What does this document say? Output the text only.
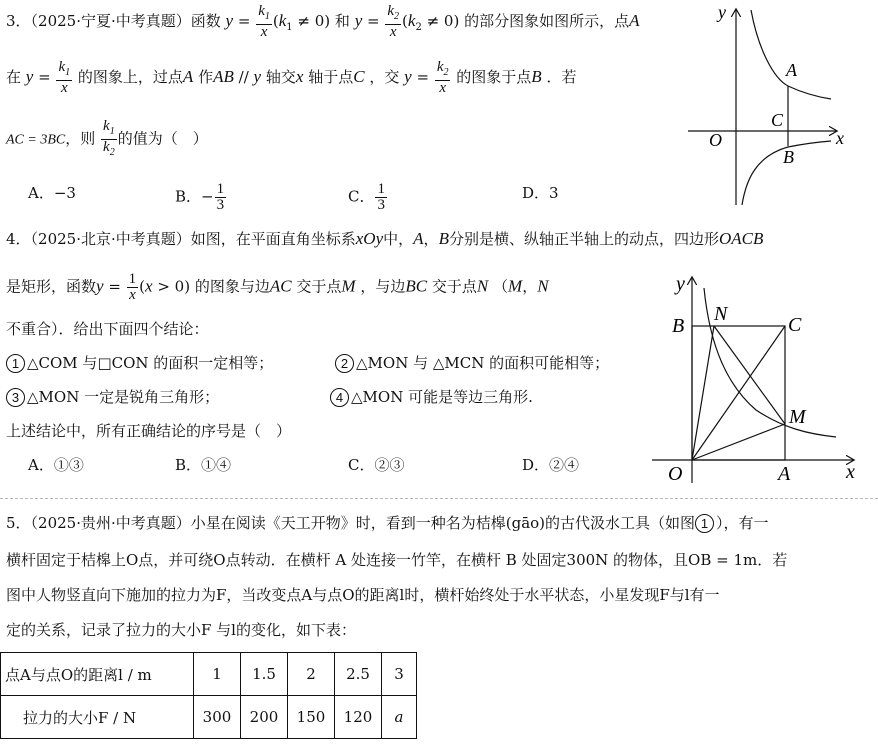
3．（2025·宁夏·中考真题）函数 $y = \frac{k_1}{x} (k_1 \ne 0)$ 和 $y = \frac{k_2}{x} (k_2 \ne 0)$ 的部分图象如图所示，点A
在 $y = \frac{k_1}{x}$ 的图象上，过点A 作AB // y 轴交x 轴于点C ，交 $y = \frac{k_2}{x}$ 的图象于点B ．若
AC = 3BC，则 $\frac{k_1}{k_2}$ 的值为（　）
A．−3	B．− $\frac{1}{3}$	C． $\frac{1}{3}$	D．3
y
x
O
A
C
B
4．（2025·北京·中考真题）如图，在平面直角坐标系xOy中，A，B分别是横、纵轴正半轴上的动点，四边形OACB
是矩形，函数$y = \frac{1}{x} (x > 0)$ 的图象与边AC 交于点M ，与边BC 交于点N （M，N
不重合）．给出下面四个结论：
1 △COM 与□CON 的面积一定相等；	2 △MON 与 △MCN 的面积可能相等；
3 △MON 一定是锐角三角形；	4 △MON 可能是等边三角形.
上述结论中，所有正确结论的序号是（　）
A．①③	B．①④	C．②③	D．②④
y
x
O	A
B	C
N
M
5．（2025·贵州·中考真题）小星在阅读《天工开物》时，看到一种名为桔槔(gāo)的古代汲水工具（如图 1 ），有一
横杆固定于桔槔上O点，并可绕O点转动．在横杆 A 处连接一竹竿，在横杆 B 处固定300N 的物体，且OB = 1m．若
图中人物竖直向下施加的拉力为F，当改变点A与点O的距离l时，横杆始终处于水平状态，小星发现F与l有一
定的关系，记录了拉力的大小F 与l的变化，如下表：
点A与点O的距离l / m	1	1.5	2	2.5	3
拉力的大小F / N	300	200	150	120	a
